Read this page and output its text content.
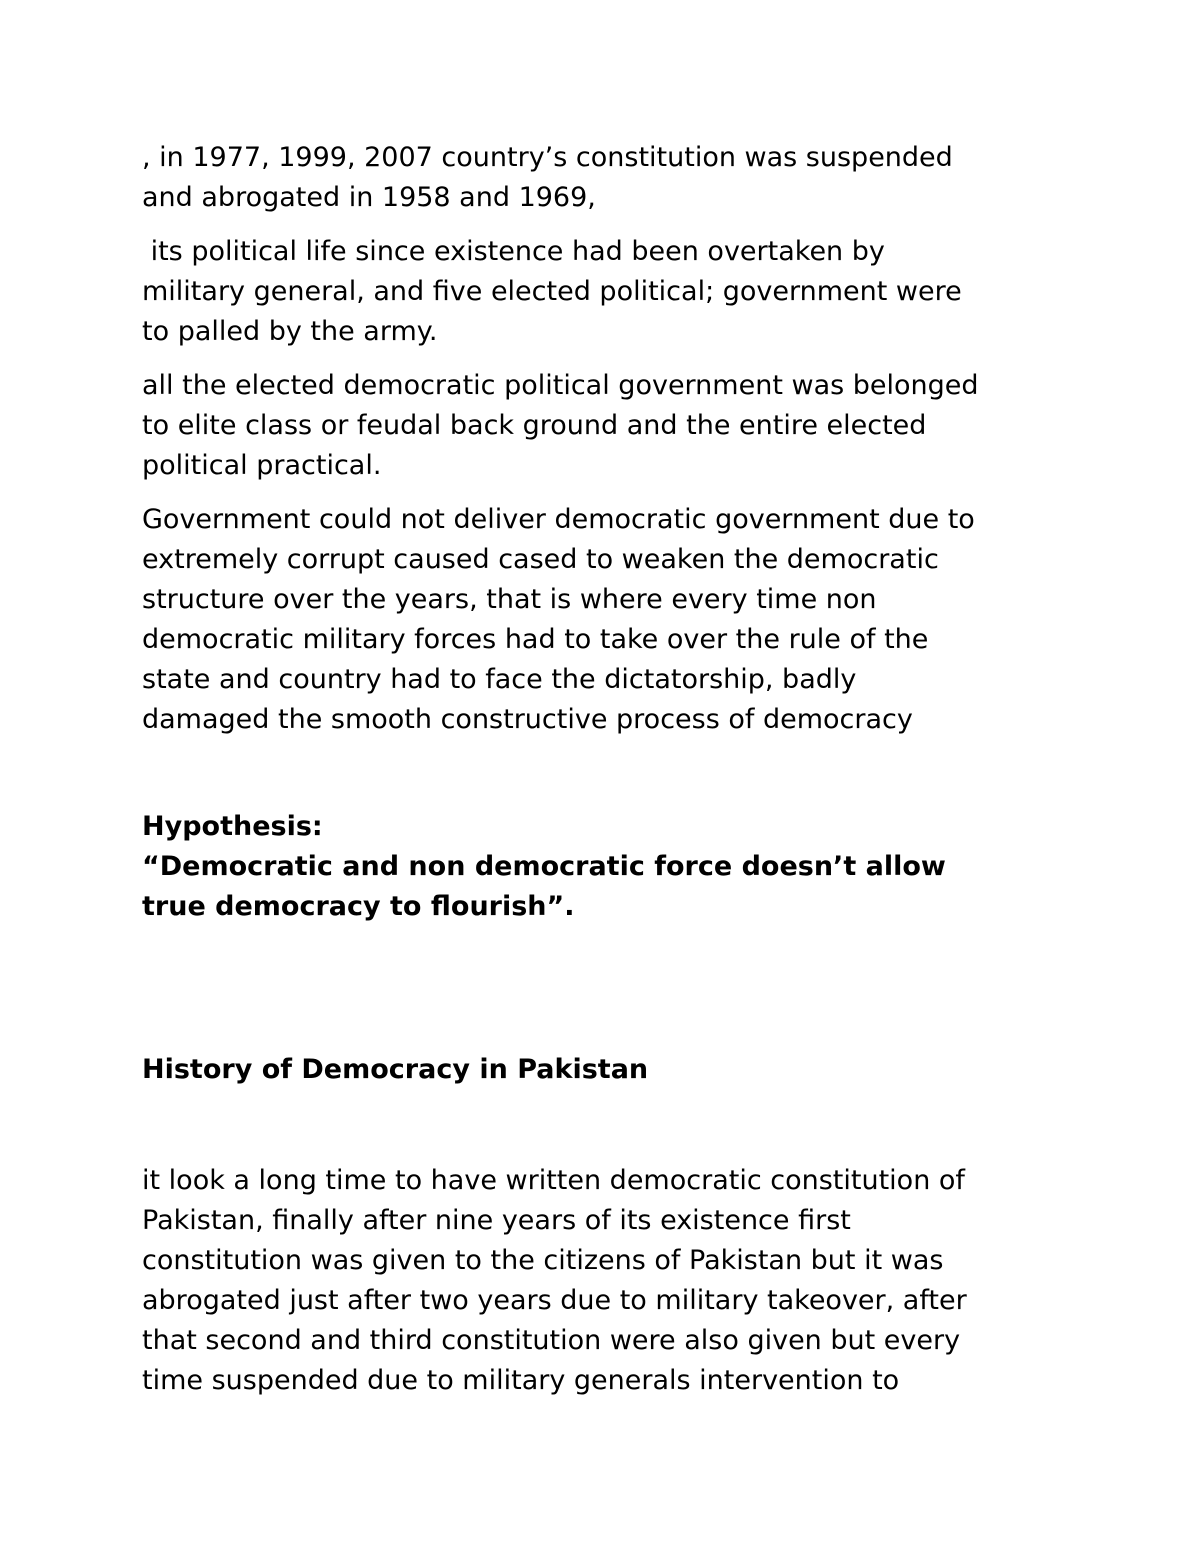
, in 1977, 1999, 2007 country’s constitution was suspended
and abrogated in 1958 and 1969,

its political life since existence had been overtaken by
military general, and five elected political; government were
to palled by the army.

all the elected democratic political government was belonged
to elite class or feudal back ground and the entire elected
political practical.

Government could not deliver democratic government due to
extremely corrupt caused cased to weaken the democratic
structure over the years, that is where every time non
democratic military forces had to take over the rule of the
state and country had to face the dictatorship, badly
damaged the smooth constructive process of democracy

Hypothesis:
“Democratic and non democratic force doesn’t allow
true democracy to flourish”.
History of Democracy in Pakistan

it look a long time to have written democratic constitution of
Pakistan, finally after nine years of its existence first
constitution was given to the citizens of Pakistan but it was
abrogated just after two years due to military takeover, after
that second and third constitution were also given but every
time suspended due to military generals intervention to
